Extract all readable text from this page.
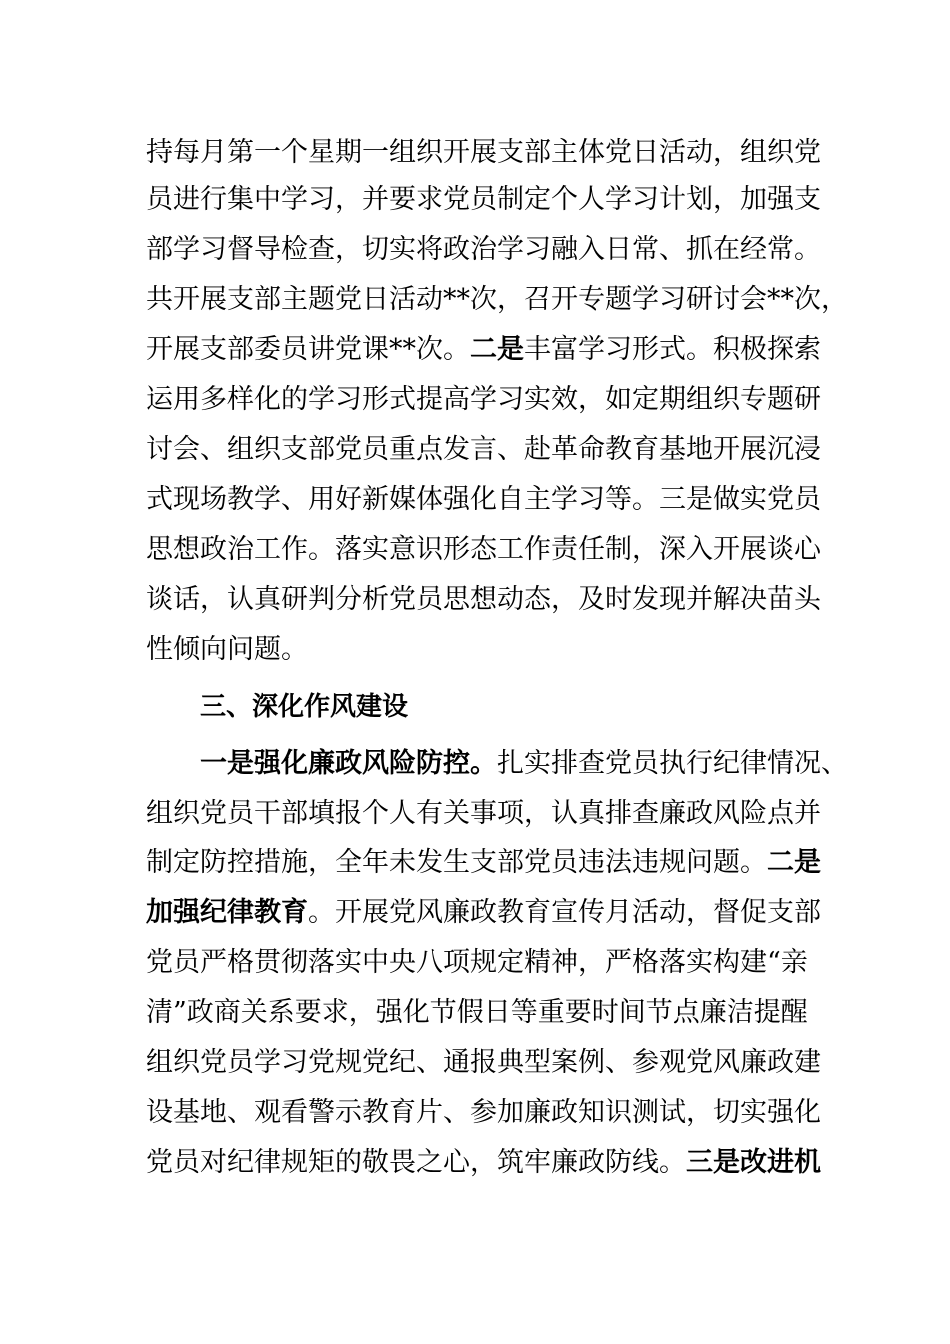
持每月第一个星期一组织开展支部主体党日活动，组织党
员进行集中学习，并要求党员制定个人学习计划，加强支
部学习督导检查，切实将政治学习融入日常、抓在经常。
共开展支部主题党日活动**次，召开专题学习研讨会**次，
开展支部委员讲党课**次。二是丰富学习形式。积极探索
运用多样化的学习形式提高学习实效，如定期组织专题研
讨会、组织支部党员重点发言、赴革命教育基地开展沉浸
式现场教学、用好新媒体强化自主学习等。三是做实党员
思想政治工作。落实意识形态工作责任制，深入开展谈心
谈话，认真研判分析党员思想动态，及时发现并解决苗头
性倾向问题。
三、深化作风建设
一是强化廉政风险防控。扎实排查党员执行纪律情况、
组织党员干部填报个人有关事项，认真排查廉政风险点并
制定防控措施，全年未发生支部党员违法违规问题。二是
加强纪律教育。开展党风廉政教育宣传月活动，督促支部
党员严格贯彻落实中央八项规定精神，严格落实构建“亲
清”政商关系要求，强化节假日等重要时间节点廉洁提醒
组织党员学习党规党纪、通报典型案例、参观党风廉政建
设基地、观看警示教育片、参加廉政知识测试，切实强化
党员对纪律规矩的敬畏之心，筑牢廉政防线。三是改进机
